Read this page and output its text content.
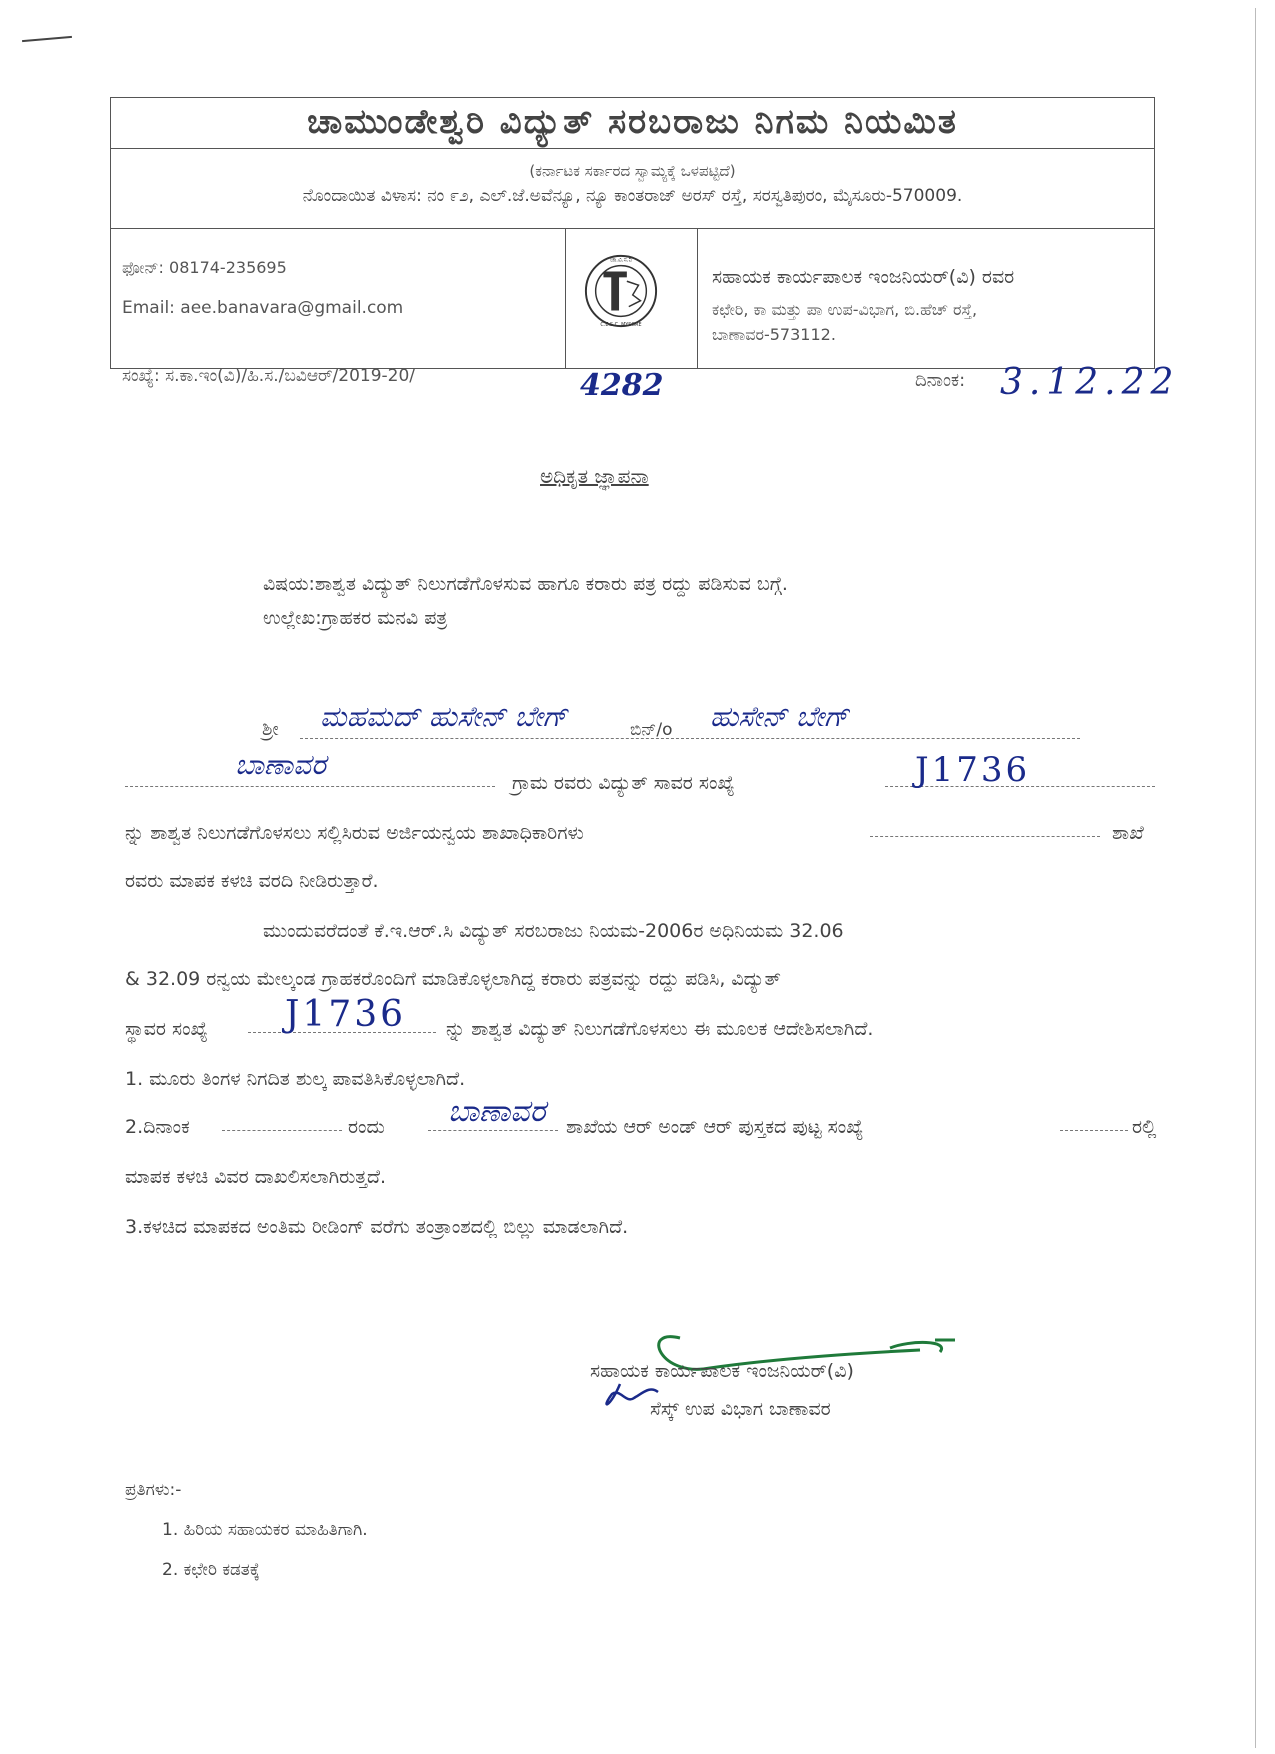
ಚಾಮುಂಡೇಶ್ವರಿ ವಿದ್ಯುತ್ ಸರಬರಾಜು ನಿಗಮ ನಿಯಮಿತ
(ಕರ್ನಾಟಕ ಸರ್ಕಾರದ ಸ್ವಾಮ್ಯಕ್ಕೆ ಒಳಪಟ್ಟಿದೆ)
ನೊಂದಾಯಿತ ವಿಳಾಸ: ನಂ ೯೨, ಎಲ್.ಜೆ.ಅವೆನ್ಯೂ, ನ್ಯೂ ಕಾಂತರಾಜ್ ಅರಸ್ ರಸ್ತೆ, ಸರಸ್ವತಿಪುರಂ, ಮೈಸೂರು-570009.
ಫೋನ್: 08174-235695
Email: aee.banavara@gmail.com
ಚಾ.ವಿ.ಸ.ನಿ
C.E.S.C. MYSORE
ಸಹಾಯಕ ಕಾರ್ಯಪಾಲಕ ಇಂಜನಿಯರ್(ವಿ) ರವರ
ಕಛೇರಿ, ಕಾ ಮತ್ತು ಪಾ ಉಪ-ವಿಭಾಗ, ಬಿ.ಹೆಚ್ ರಸ್ತೆ,
ಬಾಣಾವರ-573112.
ಸಂಖ್ಯೆ: ಸ.ಕಾ.ಇಂ(ವಿ)/ಹಿ.ಸ./ಬವಿಆರ್/2019-20/	4282	ದಿನಾಂಕ: 3.12.22
ಅಧಿಕೃತ ಜ್ಞಾಪನಾ
ವಿಷಯ:ಶಾಶ್ವತ ವಿದ್ಯುತ್ ನಿಲುಗಡೆಗೊಳಸುವ ಹಾಗೂ ಕರಾರು ಪತ್ರ ರದ್ದು ಪಡಿಸುವ ಬಗ್ಗೆ.
ಉಲ್ಲೇಖ:ಗ್ರಾಹಕರ ಮನವಿ ಪತ್ರ
ಶ್ರೀ ಮಹಮದ್ ಹುಸೇನ್ ಬೇಗ್	ಬಿನ್/o ಹುಸೇನ್ ಬೇಗ್
ಬಾಣಾವರ
ಗ್ರಾಮ ರವರು ವಿದ್ಯುತ್ ಸಾವರ ಸಂಖ್ಯೆ	J1736
ನ್ನು ಶಾಶ್ವತ ನಿಲುಗಡೆಗೊಳಸಲು ಸಲ್ಲಿಸಿರುವ ಅರ್ಜಿಯನ್ವಯ ಶಾಖಾಧಿಕಾರಿಗಳು	ಶಾಖೆ
ರವರು ಮಾಪಕ ಕಳಚಿ ವರದಿ ನೀಡಿರುತ್ತಾರೆ.
ಮುಂದುವರೆದಂತೆ ಕೆ.ಇ.ಆರ್.ಸಿ ವಿದ್ಯುತ್ ಸರಬರಾಜು ನಿಯಮ-2006ರ ಅಧಿನಿಯಮ 32.06
& 32.09 ರನ್ವಯ ಮೇಲ್ಕಂಡ ಗ್ರಾಹಕರೊಂದಿಗೆ ಮಾಡಿಕೊಳ್ಳಲಾಗಿದ್ದ ಕರಾರು ಪತ್ರವನ್ನು ರದ್ದು ಪಡಿಸಿ, ವಿದ್ಯುತ್
ಸ್ಥಾವರ ಸಂಖ್ಯೆ J1736 ನ್ನು ಶಾಶ್ವತ ವಿದ್ಯುತ್ ನಿಲುಗಡೆಗೊಳಸಲು ಈ ಮೂಲಕ ಆದೇಶಿಸಲಾಗಿದೆ.
1. ಮೂರು ತಿಂಗಳ ನಿಗದಿತ ಶುಲ್ಕ ಪಾವತಿಸಿಕೊಳ್ಳಲಾಗಿದೆ.
2.ದಿನಾಂಕ	ರಂದು ಬಾಣಾವರ ಶಾಖೆಯ ಆರ್ ಅಂಡ್ ಆರ್ ಪುಸ್ತಕದ ಪುಟ್ಟ ಸಂಖ್ಯೆ	ರಲ್ಲಿ
ಮಾಪಕ ಕಳಚಿ ವಿವರ ದಾಖಲಿಸಲಾಗಿರುತ್ತದೆ.
3.ಕಳಚಿದ ಮಾಪಕದ ಅಂತಿಮ ರೀಡಿಂಗ್ ವರೆಗು ತಂತ್ರಾಂಶದಲ್ಲಿ ಬಿಲ್ಲು ಮಾಡಲಾಗಿದೆ.
ಸಹಾಯಕ ಕಾರ್ಯಪಾಲಕ ಇಂಜನಿಯರ್(ವಿ)
ಸೆಸ್ಕ್ ಉಪ ವಿಭಾಗ ಬಾಣಾವರ
ಪ್ರತಿಗಳು:-
1. ಹಿರಿಯ ಸಹಾಯಕರ ಮಾಹಿತಿಗಾಗಿ.
2. ಕಛೇರಿ ಕಡತಕ್ಕೆ
